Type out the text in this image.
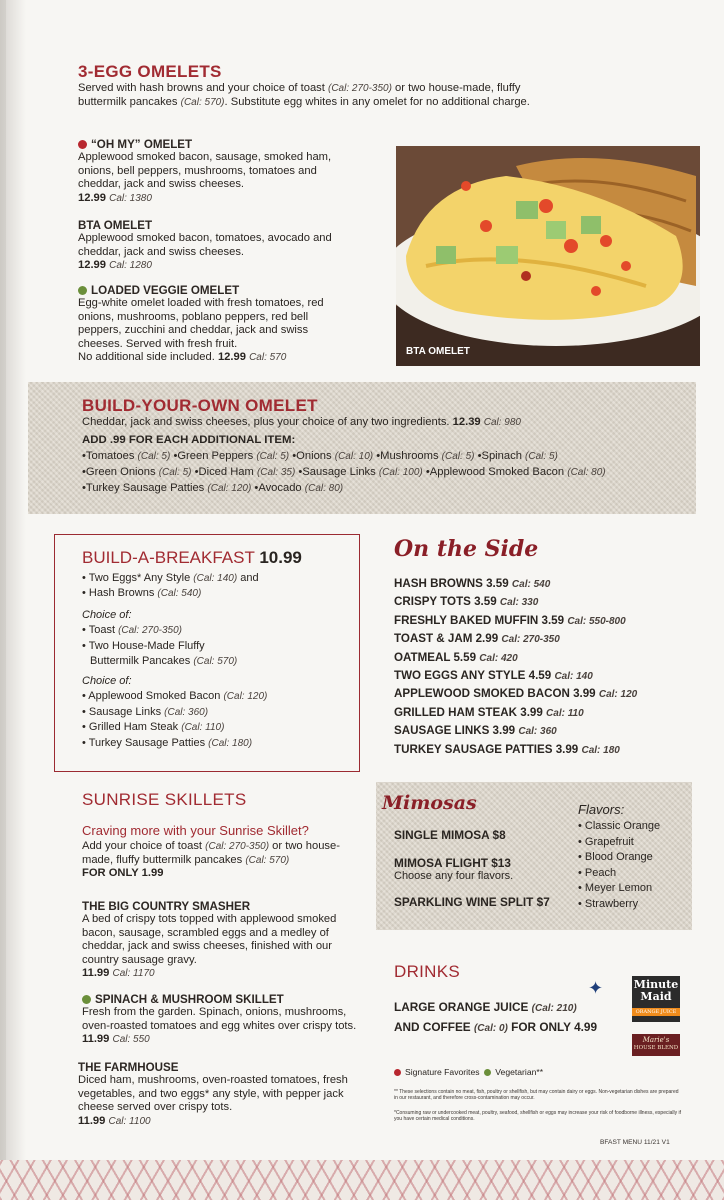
3-EGG OMELETS
Served with hash browns and your choice of toast (Cal: 270-350) or two house-made, fluffy buttermilk pancakes (Cal: 570). Substitute egg whites in any omelet for no additional charge.
“OH MY” OMELET
Applewood smoked bacon, sausage, smoked ham, onions, bell peppers, mushrooms, tomatoes and cheddar, jack and swiss cheeses.
12.99 Cal: 1380
BTA OMELET
Applewood smoked bacon, tomatoes, avocado and cheddar, jack and swiss cheeses.
12.99 Cal: 1280
LOADED VEGGIE OMELET
Egg-white omelet loaded with fresh tomatoes, red onions, mushrooms, poblano peppers, red bell peppers, zucchini and cheddar, jack and swiss cheeses. Served with fresh fruit.
No additional side included. 12.99 Cal: 570
BTA OMELET
BUILD-YOUR-OWN OMELET
Cheddar, jack and swiss cheeses, plus your choice of any two ingredients. 12.39 Cal: 980
ADD .99 FOR EACH ADDITIONAL ITEM:
•Tomatoes (Cal: 5) •Green Peppers (Cal: 5) •Onions (Cal: 10) •Mushrooms (Cal: 5) •Spinach (Cal: 5)
•Green Onions (Cal: 5) •Diced Ham (Cal: 35) •Sausage Links (Cal: 100) •Applewood Smoked Bacon (Cal: 80)
•Turkey Sausage Patties (Cal: 120) •Avocado (Cal: 80)
BUILD-A-BREAKFAST 10.99
• Two Eggs* Any Style (Cal: 140) and
• Hash Browns (Cal: 540)
Choice of:
• Toast (Cal: 270-350)
• Two House-Made Fluffy
Buttermilk Pancakes (Cal: 570)
Choice of:
• Applewood Smoked Bacon (Cal: 120)
• Sausage Links (Cal: 360)
• Grilled Ham Steak (Cal: 110)
• Turkey Sausage Patties (Cal: 180)
On the Side
HASH BROWNS 3.59 Cal: 540
CRISPY TOTS 3.59 Cal: 330
FRESHLY BAKED MUFFIN 3.59 Cal: 550-800
TOAST & JAM 2.99 Cal: 270-350
OATMEAL 5.59 Cal: 420
TWO EGGS ANY STYLE 4.59 Cal: 140
APPLEWOOD SMOKED BACON 3.99 Cal: 120
GRILLED HAM STEAK 3.99 Cal: 110
SAUSAGE LINKS 3.99 Cal: 360
TURKEY SAUSAGE PATTIES 3.99 Cal: 180
SUNRISE SKILLETS
Craving more with your Sunrise Skillet?
Add your choice of toast (Cal: 270-350) or two house-made, fluffy buttermilk pancakes (Cal: 570)
FOR ONLY 1.99
THE BIG COUNTRY SMASHER
A bed of crispy tots topped with applewood smoked bacon, sausage, scrambled eggs and a medley of cheddar, jack and swiss cheeses, finished with our country sausage gravy.
11.99 Cal: 1170
SPINACH & MUSHROOM SKILLET
Fresh from the garden. Spinach, onions, mushrooms, oven-roasted tomatoes and egg whites over crispy tots. 11.99 Cal: 550
THE FARMHOUSE
Diced ham, mushrooms, oven-roasted tomatoes, fresh vegetables, and two eggs* any style, with pepper jack cheese served over crispy tots.
11.99 Cal: 1100
Mimosas
SINGLE MIMOSA $8
MIMOSA FLIGHT $13
Choose any four flavors.
SPARKLING WINE SPLIT $7
Flavors:
• Classic Orange
• Grapefruit
• Blood Orange
• Peach
• Meyer Lemon
• Strawberry
DRINKS
LARGE ORANGE JUICE (Cal: 210)
AND COFFEE (Cal: 0) FOR ONLY 4.99
✦	Minute
Maid
ORANGE JUICE
Marie's
HOUSE BLEND
Signature Favorites Vegetarian**
** These selections contain no meat, fish, poultry or shellfish, but may contain dairy or eggs. Non-vegetarian dishes are prepared in our restaurant, and therefore cross-contamination may occur.
*Consuming raw or undercooked meat, poultry, seafood, shellfish or eggs may increase your risk of foodborne illness, especially if you have certain medical conditions.
BFAST MENU 11/21 V1
